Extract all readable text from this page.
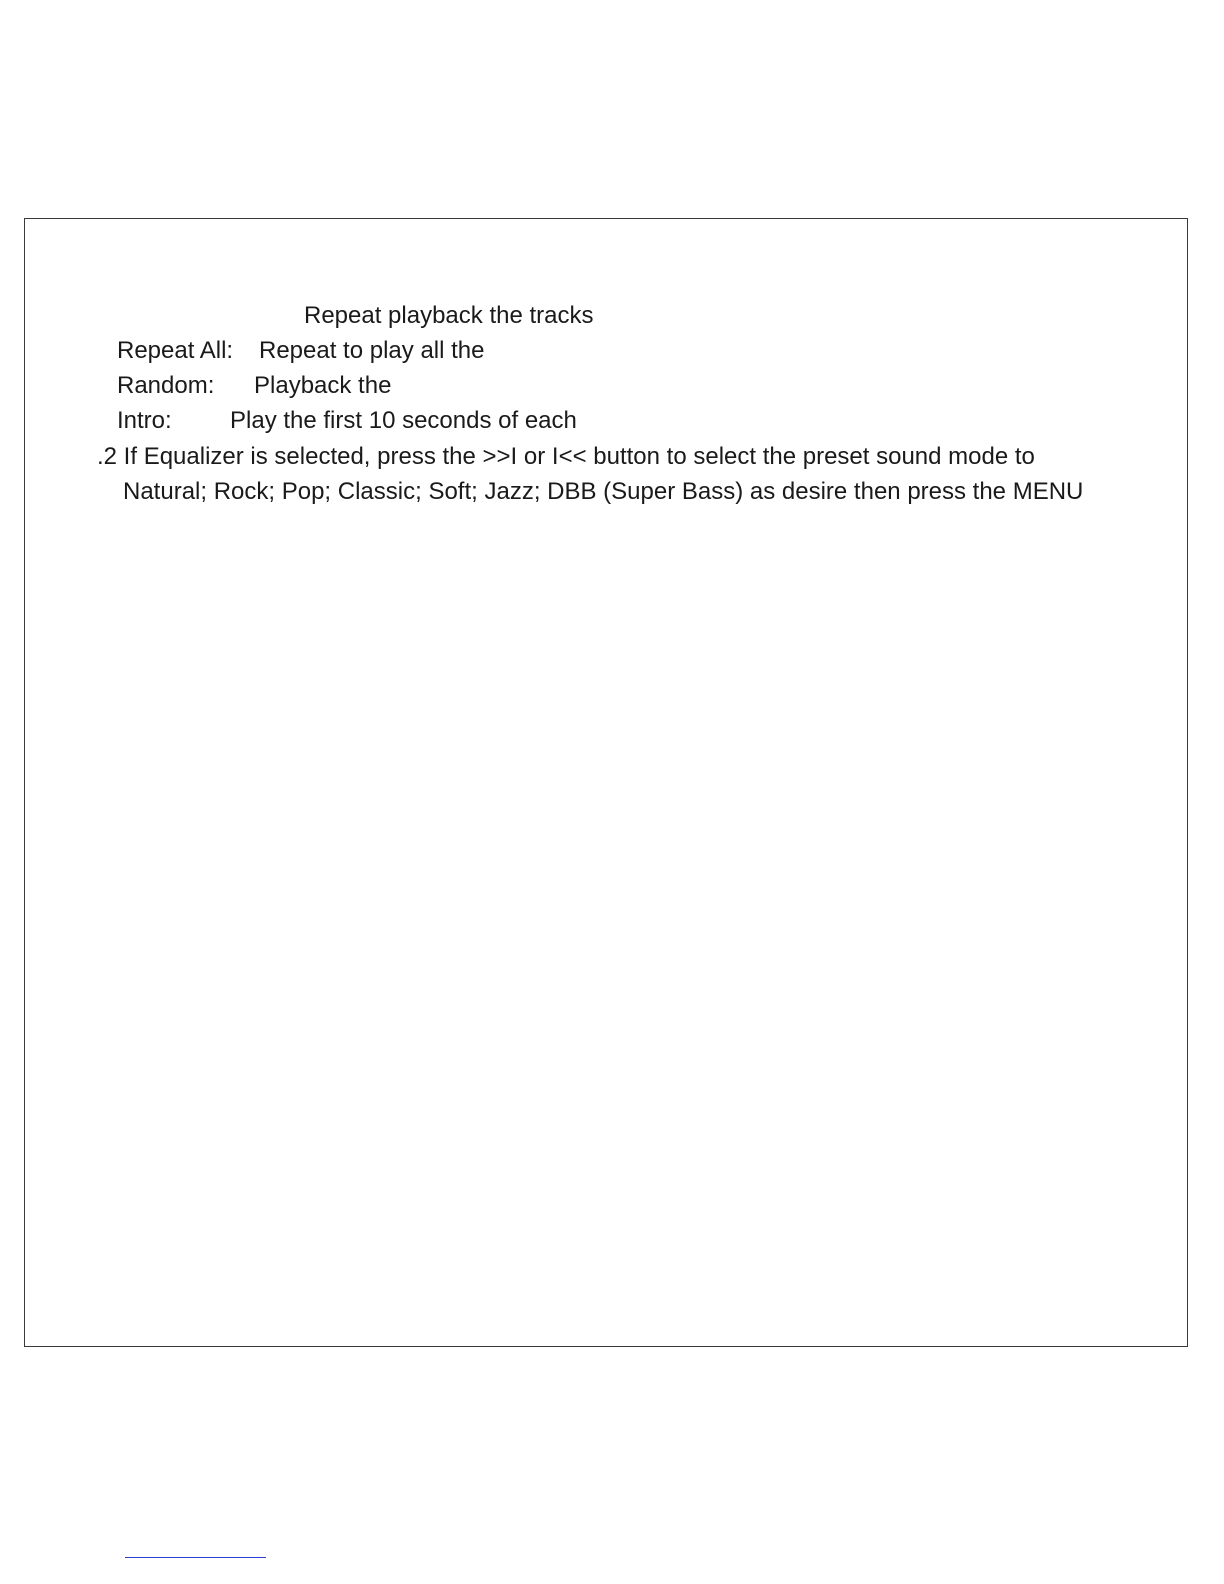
Repeat playback the tracks
Repeat All: Repeat to play all the
Random: Playback the
Intro: Play the first 10 seconds of each
.2 If Equalizer is selected, press the >>I or I<< button to select the preset sound mode to
Natural; Rock; Pop; Classic; Soft; Jazz; DBB (Super Bass) as desire then press the MENU
